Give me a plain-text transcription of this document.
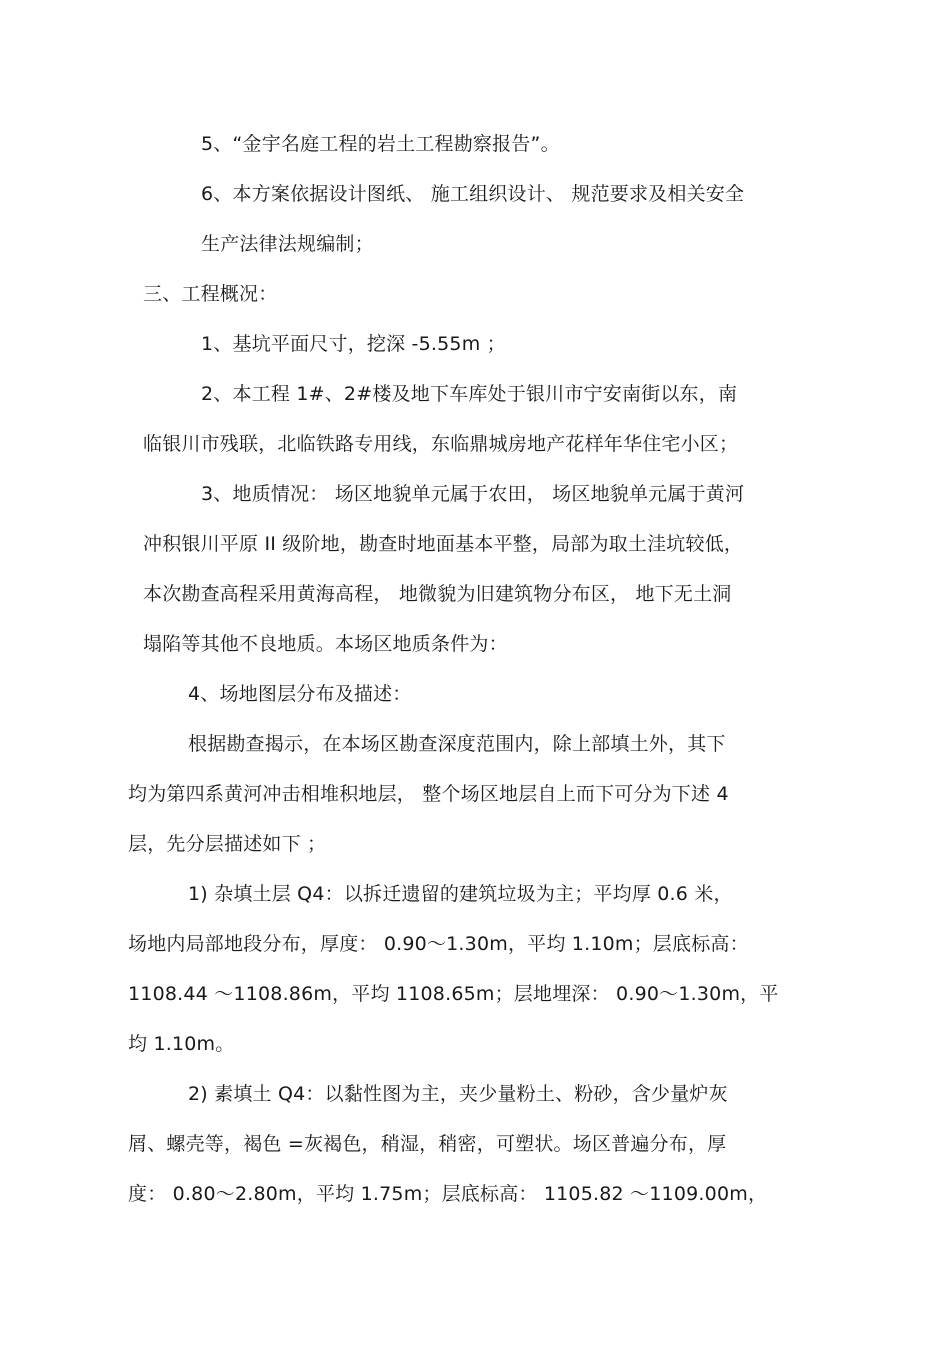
5、“金宇名庭工程的岩土工程勘察报告”。
6、本方案依据设计图纸、 施工组织设计、 规范要求及相关安全
生产法律法规编制；
三、工程概况：
1、基坑平面尺寸，挖深 -5.55m ；
2、本工程 1#、2#楼及地下车库处于银川市宁安南街以东，南
临银川市残联，北临铁路专用线，东临鼎城房地产花样年华住宅小区；
3、地质情况： 场区地貌单元属于农田， 场区地貌单元属于黄河
冲积银川平原 II 级阶地，勘查时地面基本平整，局部为取土洼坑较低，
本次勘查高程采用黄海高程， 地微貌为旧建筑物分布区， 地下无土洞
塌陷等其他不良地质。本场区地质条件为：
4、场地图层分布及描述：
根据勘查揭示，在本场区勘查深度范围内，除上部填土外，其下
均为第四系黄河冲击相堆积地层， 整个场区地层自上而下可分为下述 4
层，先分层描述如下 ；
1) 杂填土层 Q4：以拆迁遗留的建筑垃圾为主；平均厚 0.6 米，
场地内局部地段分布，厚度： 0.90～1.30m，平均 1.10m；层底标高：
1108.44 ～1108.86m，平均 1108.65m；层地埋深： 0.90～1.30m，平
均 1.10m。
2) 素填土 Q4：以黏性图为主，夹少量粉土、粉砂，含少量炉灰
屑、螺壳等，褐色 =灰褐色，稍湿，稍密，可塑状。场区普遍分布，厚
度： 0.80～2.80m，平均 1.75m；层底标高： 1105.82 ～1109.00m，
